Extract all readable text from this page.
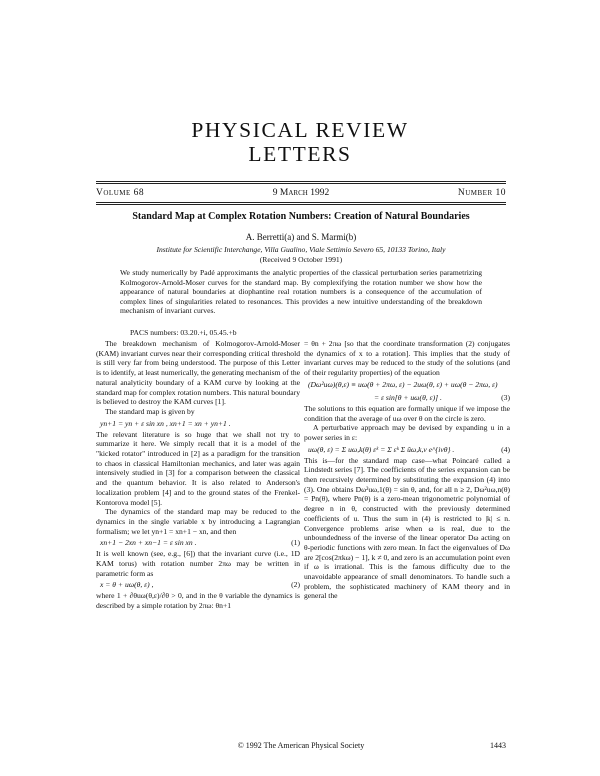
PHYSICAL REVIEW
LETTERS
Volume 68	9 March 1992	Number 10
Standard Map at Complex Rotation Numbers: Creation of Natural Boundaries
A. Berretti(a) and S. Marmi(b)
Institute for Scientific Interchange, Villa Gualino, Viale Settimio Severo 65, 10133 Torino, Italy
(Received 9 October 1991)
We study numerically by Padé approximants the analytic properties of the classical perturbation series parametrizing Kolmogorov-Arnold-Moser curves for the standard map. By complexifying the rotation number we show how the appearance of natural boundaries at diophantine real rotation numbers is a consequence of the accumulation of complex lines of singularities related to resonances. This provides a new intuitive understanding of the breakdown mechanism of invariant curves.
PACS numbers: 03.20.+i, 05.45.+b

The breakdown mechanism of Kolmogorov-Arnold-Moser (KAM) invariant curves near their corresponding critical threshold is still very far from being understood. The purpose of this Letter is to identify, at least numerically, the generating mechanism of the natural analyticity boundary of a KAM curve by looking at the standard map for complex rotation numbers. This natural boundary is believed to destroy the KAM curves [1].

The standard map is given by

yn+1 = yn + ε sin xn , xn+1 = xn + yn+1 .

The relevant literature is so huge that we shall not try to summarize it here. We simply recall that it is a model of the "kicked rotator" introduced in [2] as a paradigm for the transition to chaos in classical Hamiltonian mechanics, and later was again intensively studied in [3] for a comparison between the classical and the quantum behavior. It is also related to Anderson's localization problem [4] and to the ground states of the Frenkel-Kontorova model [5].

The dynamics of the standard map may be reduced to the dynamics in the single variable x by introducing a Lagrangian formalism; we let yn+1 = xn+1 − xn, and then

xn+1 − 2xn + xn−1 = ε sin xn .	(1)

It is well known (see, e.g., [6]) that the invariant curve (i.e., 1D KAM torus) with rotation number 2πω may be written in parametric form as

x = θ + uω(θ, ε) ,	(2)

where 1 + ∂θuω(θ,ε)/∂θ > 0, and in the θ variable the dynamics is described by a simple rotation by 2πω: θn+1

= θn + 2πω [so that the coordinate transformation (2) conjugates the dynamics of x to a rotation]. This implies that the study of invariant curves may be reduced to the study of the solutions (and of their regularity properties) of the equation

(Dω²uω)(θ,ε) ≡ uω(θ + 2πω, ε) − 2uω(θ, ε) + uω(θ − 2πω, ε)
= ε sin[θ + uω(θ, ε)] .	(3)

The solutions to this equation are formally unique if we impose the condition that the average of uω over θ on the circle is zero.

A perturbative approach may be devised by expanding u in a power series in ε:

uω(θ, ε) = Σ uω,k(θ) εᵏ = Σ εᵏ Σ ûω,k,ν e^{iνθ} .	(4)

This is—for the standard map case—what Poincaré called a Lindstedt series [7]. The coefficients of the series expansion can be then recursively determined by substituting the expansion (4) into (3). One obtains Dω²uω,1(θ) = sin θ, and, for all n ≥ 2, Dω²uω,n(θ) = Pn(θ), where Pn(θ) is a zero-mean trigonometric polynomial of degree n in θ, constructed with the previously determined coefficients of u. Thus the sum in (4) is restricted to |k| ≤ n. Convergence problems arise when ω is real, due to the unboundedness of the inverse of the linear operator Dω acting on θ-periodic functions with zero mean. In fact the eigenvalues of Dω are 2[cos(2πkω) − 1], k ≠ 0, and zero is an accumulation point even if ω is irrational. This is the famous difficulty due to the unavoidable appearance of small denominators. To handle such a problem, the sophisticated machinery of KAM theory and in general the

© 1992 The American Physical Society	1443
